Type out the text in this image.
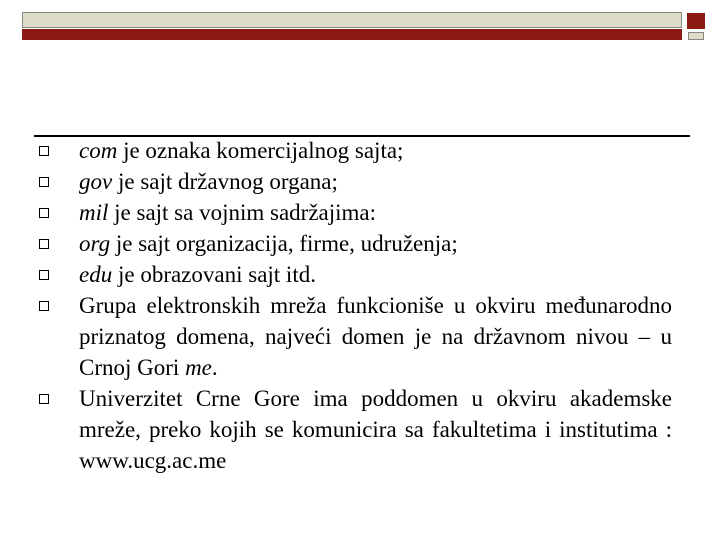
com je oznaka komercijalnog sajta;
gov je sajt državnog organa;
mil je sajt sa vojnim sadržajima:
org je sajt organizacija, firme, udruženja;
edu je obrazovani sajt itd.
Grupa elektronskih mreža funkcioniše u okviru međunarodno priznatog domena, najveći domen je na državnom nivou – u Crnoj Gori me.
Univerzitet Crne Gore ima poddomen u okviru akademske mreže, preko kojih se komunicira sa fakultetima i institutima : www.ucg.ac.me
